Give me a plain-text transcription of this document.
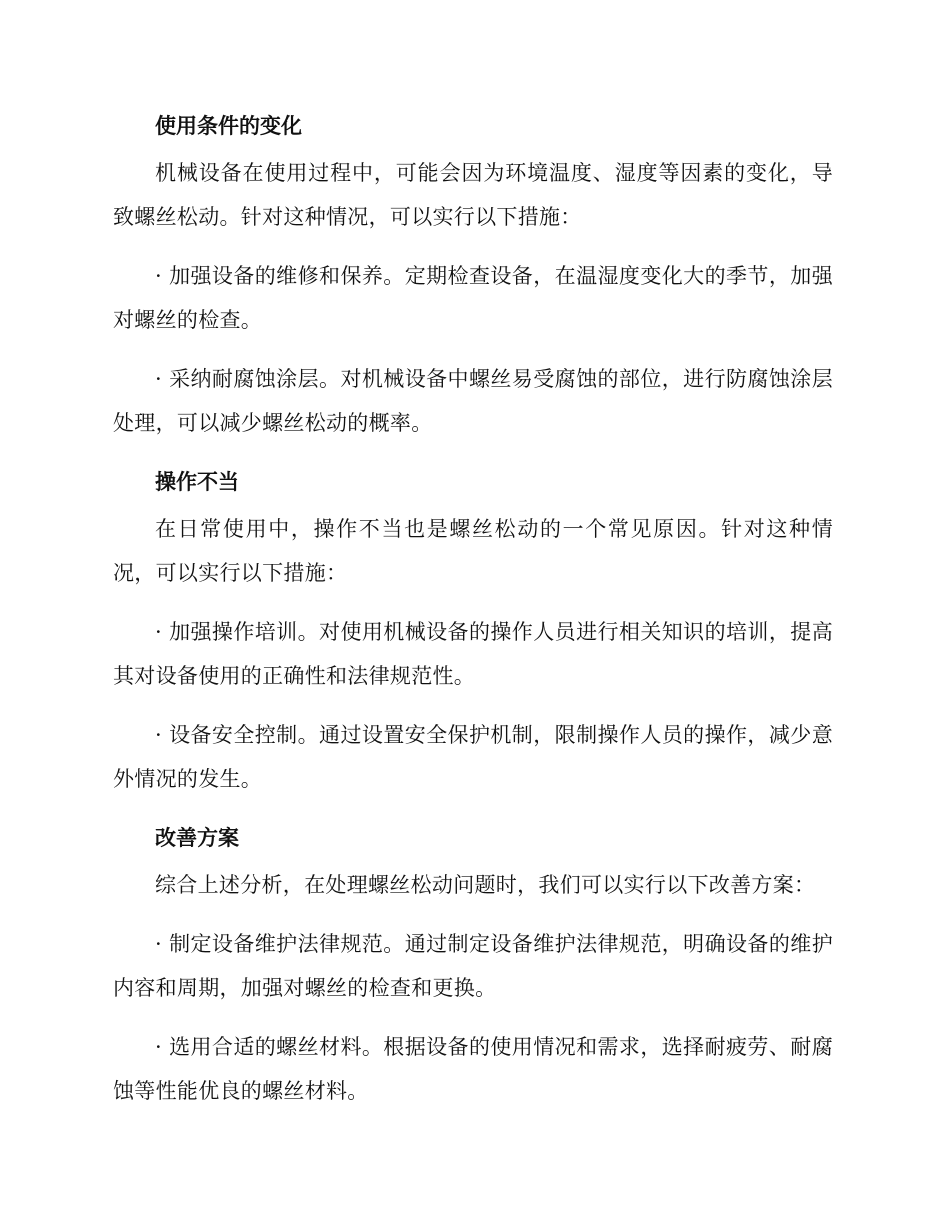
使用条件的变化

机械设备在使用过程中，可能会因为环境温度、湿度等因素的变化，导致螺丝松动。针对这种情况，可以实行以下措施：

· 加强设备的维修和保养。定期检查设备，在温湿度变化大的季节，加强对螺丝的检查。

· 采纳耐腐蚀涂层。对机械设备中螺丝易受腐蚀的部位，进行防腐蚀涂层处理，可以减少螺丝松动的概率。

操作不当

在日常使用中，操作不当也是螺丝松动的一个常见原因。针对这种情况，可以实行以下措施：

· 加强操作培训。对使用机械设备的操作人员进行相关知识的培训，提高其对设备使用的正确性和法律规范性。

· 设备安全控制。通过设置安全保护机制，限制操作人员的操作，减少意外情况的发生。

改善方案

综合上述分析，在处理螺丝松动问题时，我们可以实行以下改善方案：

· 制定设备维护法律规范。通过制定设备维护法律规范，明确设备的维护内容和周期，加强对螺丝的检查和更换。

· 选用合适的螺丝材料。根据设备的使用情况和需求，选择耐疲劳、耐腐蚀等性能优良的螺丝材料。
